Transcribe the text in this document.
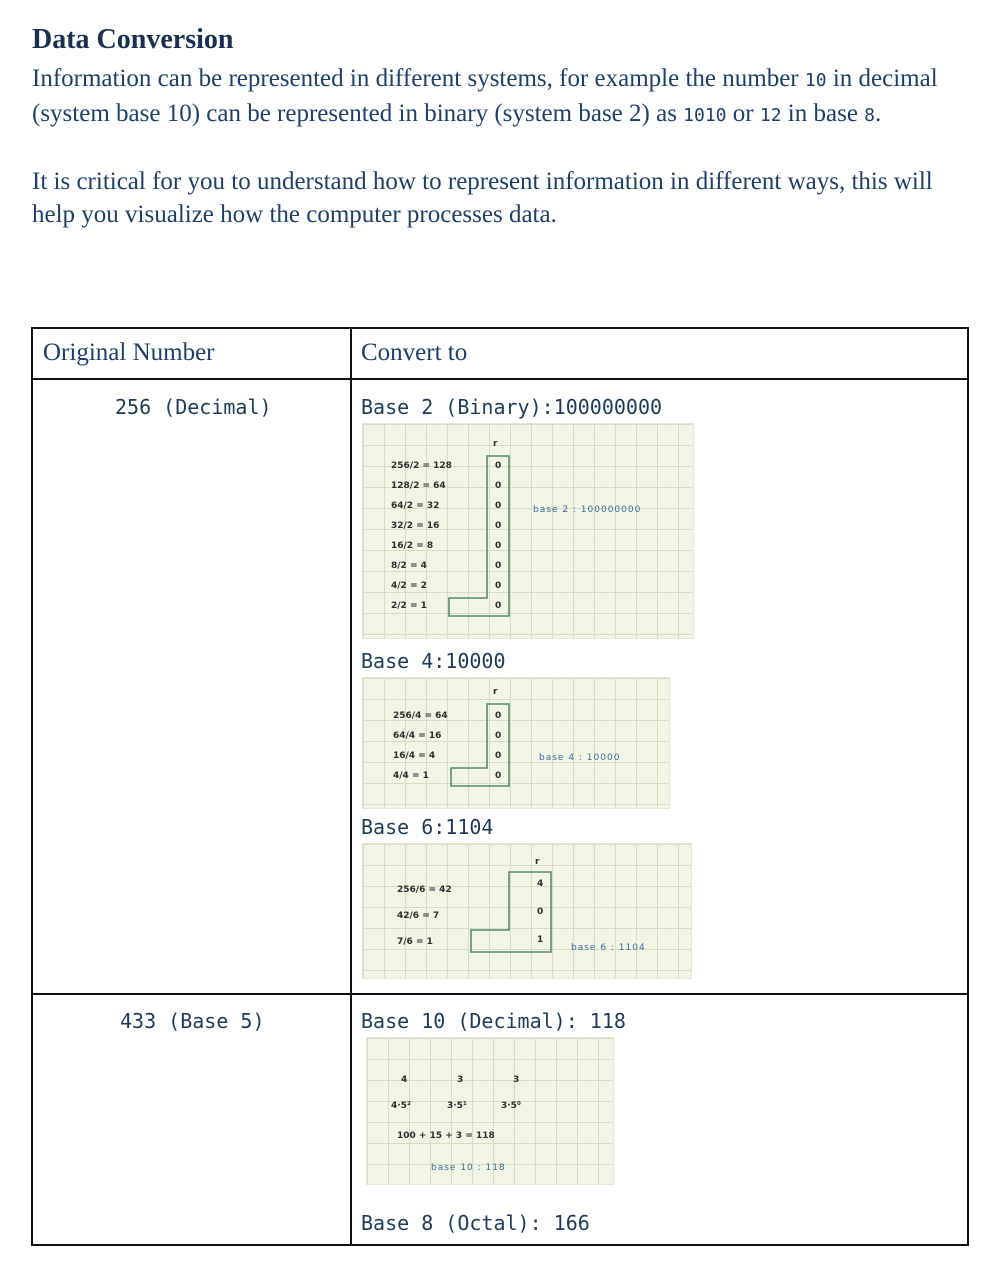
Data Conversion

Information can be represented in different systems, for example the number 10 in decimal (system base 10) can be represented in binary (system base 2) as 1010 or 12 in base 8.

It is critical for you to understand how to represent information in different ways, this will help you visualize how the computer processes data.

Original Number	Convert to
256 (Decimal)	Base 2 (Binary):100000000
r
256/2 = 128
128/2 = 64
64/2 = 32
32/2 = 16
16/2 = 8
8/2 = 4
4/2 = 2
2/2 = 1
0
0
0
0
0
0
0
0
base 2 : 100000000
Base 4:10000
r
256/4 = 64
64/4 = 16
16/4 = 4
4/4 = 1
0
0
0
0
base 4 : 10000
Base 6:1104
r
256/6 = 42
42/6 = 7
7/6 = 1
4
0
1
base 6 : 1104
433 (Base 5)	Base 10 (Decimal): 118
4	3	3
4·5²	3·5¹	3·5⁰
100 + 15 + 3 = 118
base 10 : 118
Base 8 (Octal): 166
